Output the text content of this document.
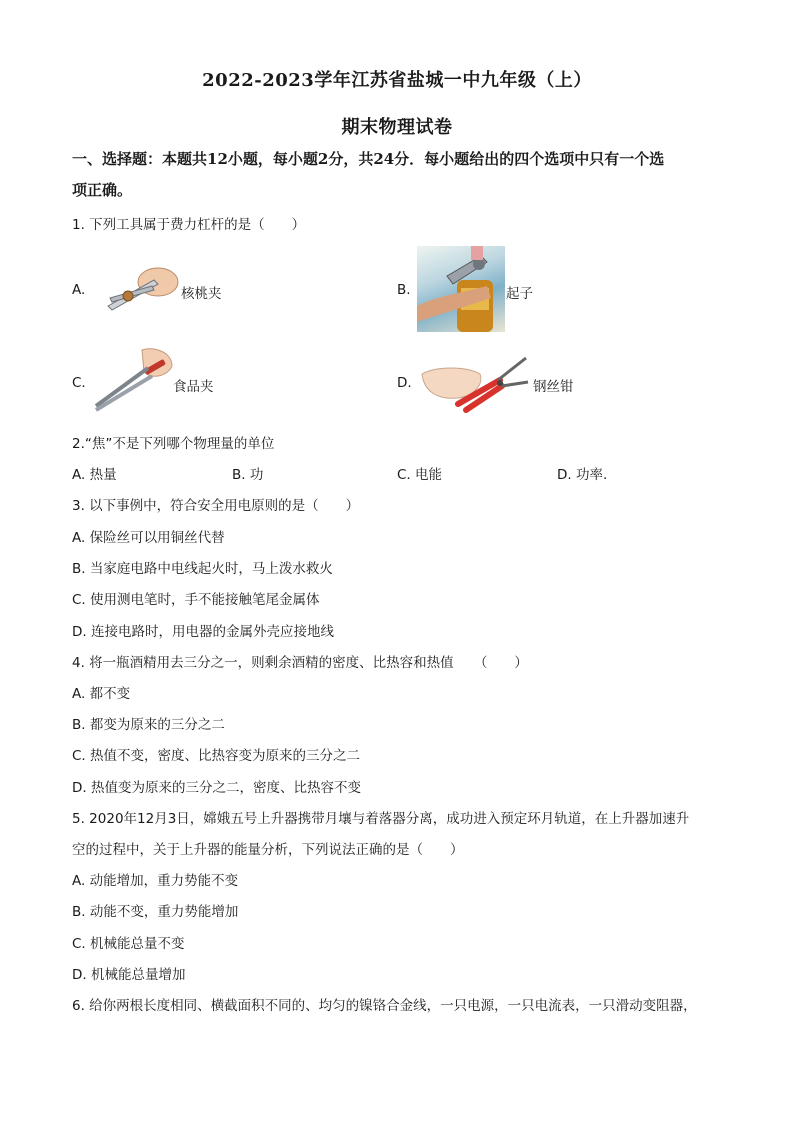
2022-2023学年江苏省盐城一中九年级（上）
期末物理试卷
一、选择题：本题共12小题，每小题2分，共24分．每小题给出的四个选项中只有一个选
项正确。
1. 下列工具属于费力杠杆的是（　　）
A.	核桃夹	B.	起子
C.	食品夹	D.	钢丝钳
2.“焦”不是下列哪个物理量的单位
A. 热量	B. 功	C. 电能	D. 功率.
3. 以下事例中，符合安全用电原则的是（　　）
A. 保险丝可以用铜丝代替
B. 当家庭电路中电线起火时，马上泼水救火
C. 使用测电笔时，手不能接触笔尾金属体
D. 连接电路时，用电器的金属外壳应接地线
4. 将一瓶酒精用去三分之一，则剩余酒精的密度、比热容和热值　　（　　）
A. 都不变
B. 都变为原来的三分之二
C. 热值不变，密度、比热容变为原来的三分之二
D. 热值变为原来的三分之二，密度、比热容不变
5. 2020年12月3日，嫦娥五号上升器携带月壤与着落器分离，成功进入预定环月轨道，在上升器加速升
空的过程中，关于上升器的能量分析，下列说法正确的是（　　）
A. 动能增加，重力势能不变
B. 动能不变，重力势能增加
C. 机械能总量不变
D. 机械能总量增加
6. 给你两根长度相同、横截面积不同的、均匀的镍铬合金线，一只电源，一只电流表，一只滑动变阻器，
